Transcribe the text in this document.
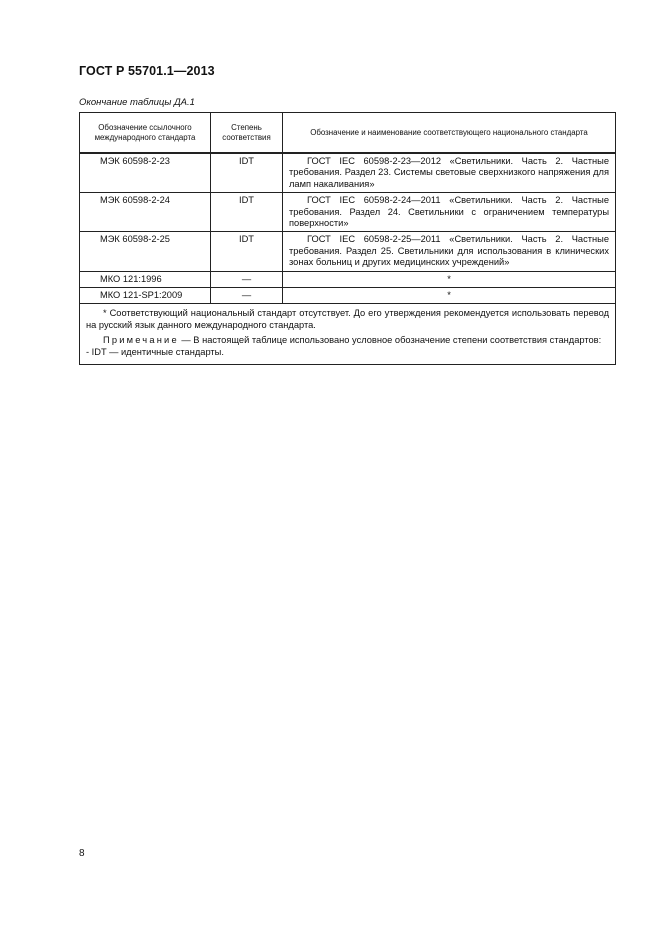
ГОСТ Р 55701.1—2013
Окончание таблицы ДА.1
Обозначение ссылочного международного стандарта	Степень соответствия	Обозначение и наименование соответствующего национального стандарта
МЭК 60598-2-23	IDT	ГОСТ IEC 60598-2-23—2012 «Светильники. Часть 2. Частные требования. Раздел 23. Системы световые сверхнизкого напряжения для ламп накаливания»
МЭК 60598-2-24	IDT	ГОСТ IEC 60598-2-24—2011 «Светильники. Часть 2. Частные требования. Раздел 24. Светильники с ограничением температуры поверхности»
МЭК 60598-2-25	IDT	ГОСТ IEC 60598-2-25—2011 «Светильники. Часть 2. Частные требования. Раздел 25. Светильники для использования в клинических зонах больниц и других медицинских учреждений»
МКО 121:1996	—	*
МКО 121-SP1:2009	—	*

* Соответствующий национальный стандарт отсутствует. До его утверждения рекомендуется использовать перевод на русский язык данного международного стандарта.

Примечание — В настоящей таблице использовано условное обозначение степени соответствия стандартов:

- IDT — идентичные стандарты.		

8
